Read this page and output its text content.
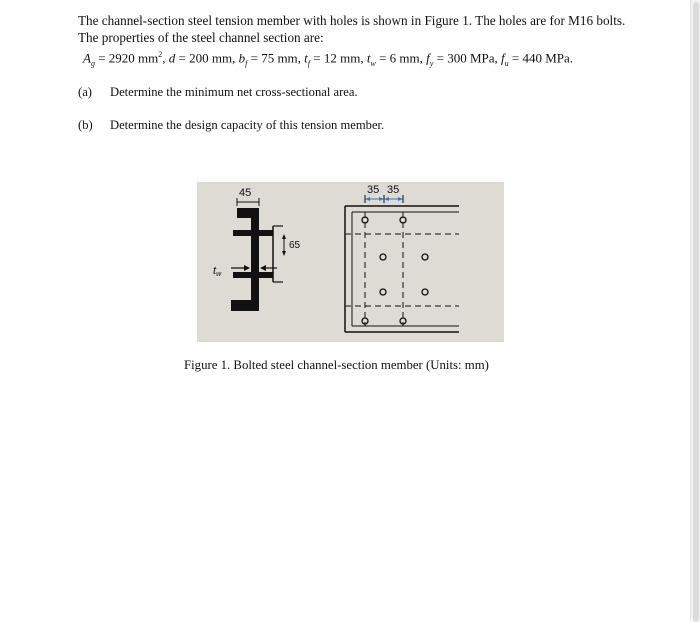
The channel-section steel tension member with holes is shown in Figure 1. The holes are for M16 bolts. The properties of the steel channel section are:
$A_g = 2920$ $mm^2$, d = 200 mm, $b_f = 75$ mm, $t_f = 12$ mm, $t_w = 6$ mm, $f_y = 300$ MPa, $f_u = 440$ MPa.
(a) Determine the minimum net cross-sectional area.
(b) Determine the design capacity of this tension member.
45
65
tw
35 35
Figure 1. Bolted steel channel-section member (Units: mm)
